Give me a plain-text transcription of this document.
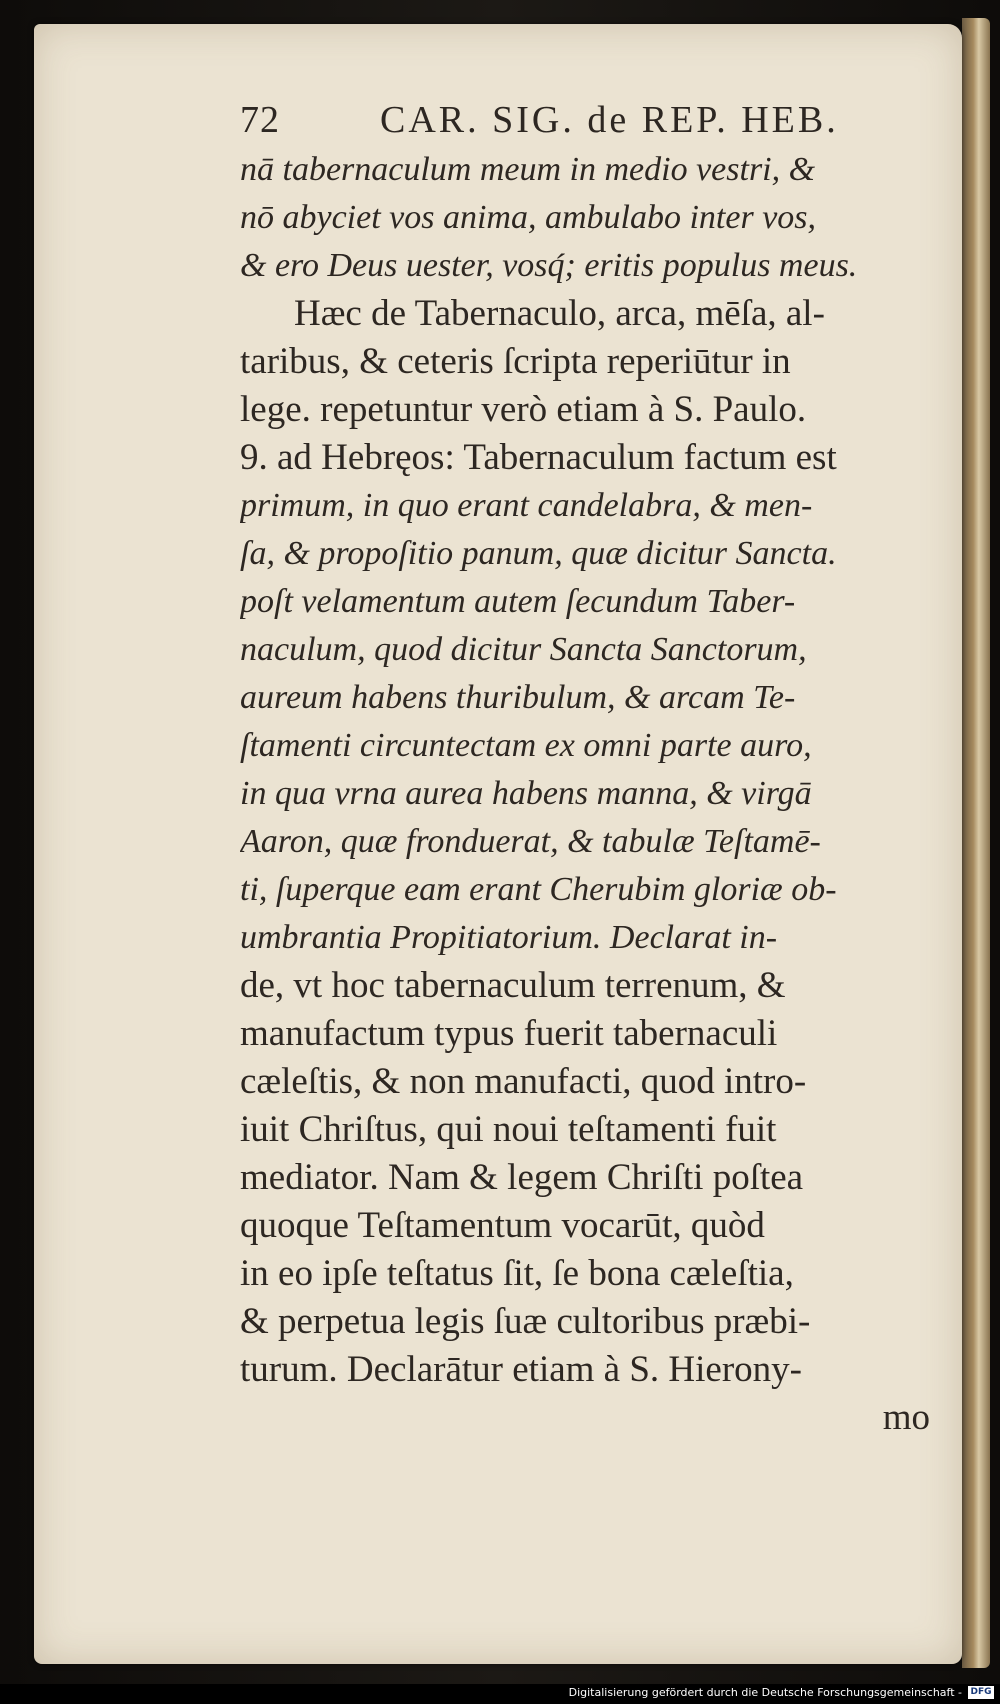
72	CAR. SIG. de REP. HEB.
nā tabernaculum meum in medio vestri, &
nō abyciet vos anima, ambulabo inter vos,
& ero Deus uester, vosq́; eritis populus meus.
Hæc de Tabernaculo, arca, mēſa, al-
taribus, & ceteris ſcripta reperiūtur in
lege. repetuntur verò etiam à S. Paulo.
9. ad Hebręos: Tabernaculum factum est
primum, in quo erant candelabra, & men-
ſa, & propoſitio panum, quæ dicitur Sancta.
poſt velamentum autem ſecundum Taber-
naculum, quod dicitur Sancta Sanctorum,
aureum habens thuribulum, & arcam Te-
ſtamenti circuntectam ex omni parte auro,
in qua vrna aurea habens manna, & virgā
Aaron, quæ fronduerat, & tabulæ Teſtamē-
ti, ſuperque eam erant Cherubim gloriæ ob-
umbrantia Propitiatorium. Declarat in-
de, vt hoc tabernaculum terrenum, &
manufactum typus fuerit tabernaculi
cæleſtis, & non manufacti, quod intro-
iuit Chriſtus, qui noui teſtamenti fuit
mediator. Nam & legem Chriſti poſtea
quoque Teſtamentum vocarūt, quòd
in eo ipſe teſtatus ſit, ſe bona cæleſtia,
& perpetua legis ſuæ cultoribus præbi-
turum. Declarātur etiam à S. Hierony-
mo
Digitalisierung gefördert durch die Deutsche Forschungsgemeinschaft - DFG
